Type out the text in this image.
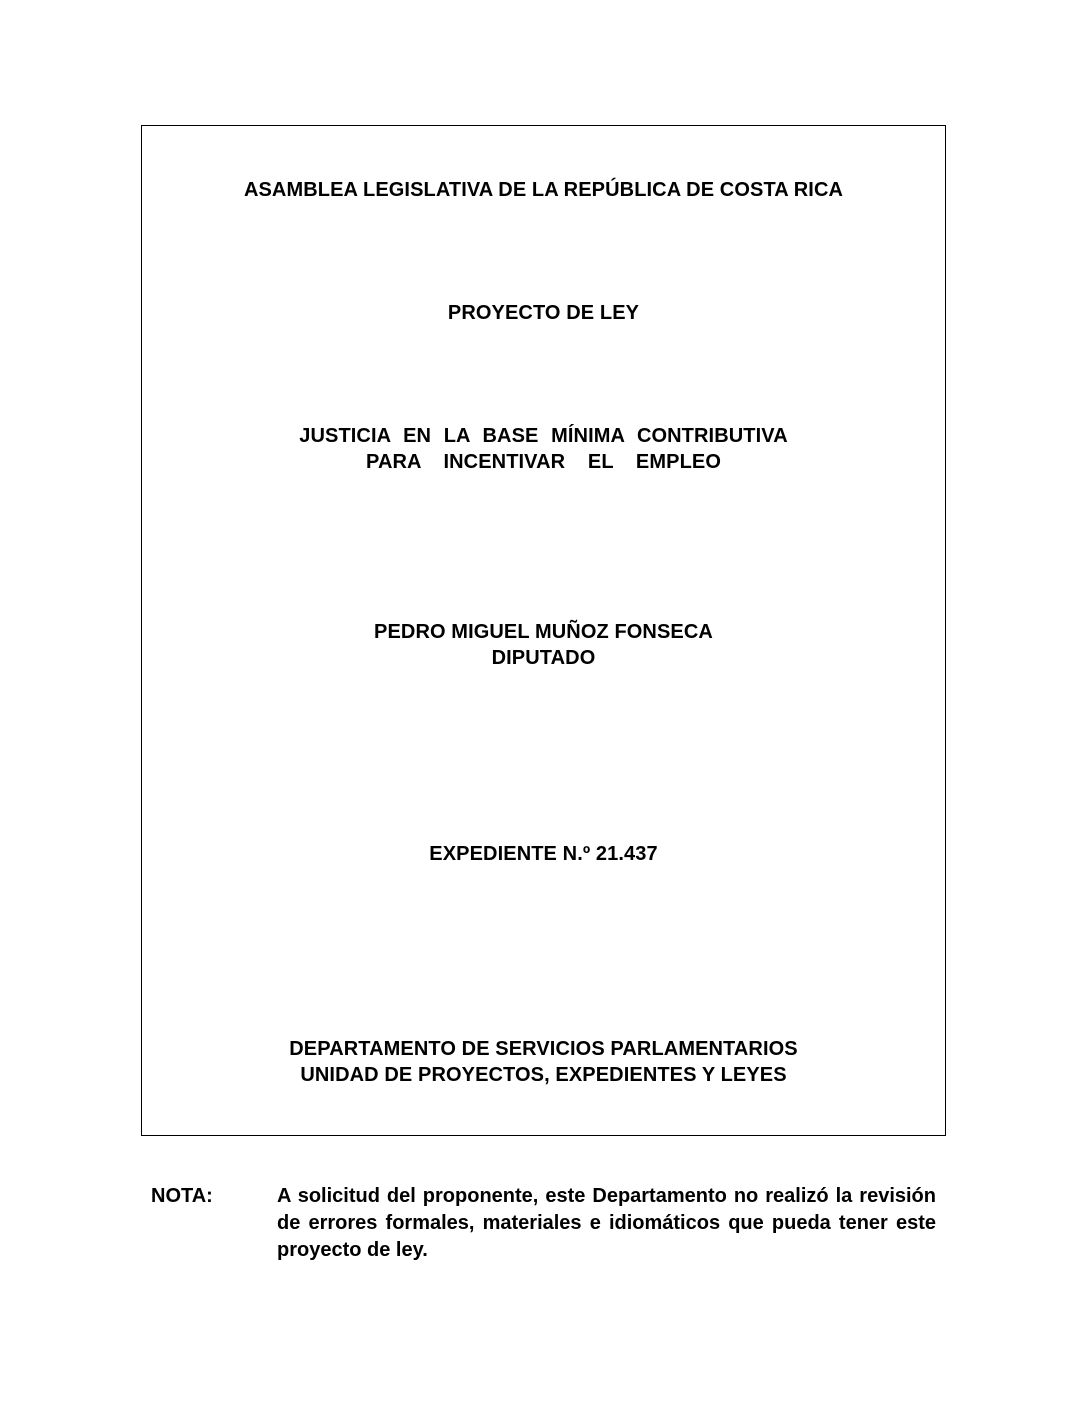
ASAMBLEA LEGISLATIVA DE LA REPÚBLICA DE COSTA RICA
PROYECTO DE LEY
JUSTICIA EN LA BASE MÍNIMA CONTRIBUTIVA
PARA INCENTIVAR EL EMPLEO
PEDRO MIGUEL MUÑOZ FONSECA
DIPUTADO
EXPEDIENTE N.º 21.437
DEPARTAMENTO DE SERVICIOS PARLAMENTARIOS
UNIDAD DE PROYECTOS, EXPEDIENTES Y LEYES
NOTA:	A solicitud del proponente, este Departamento no realizó la revisión de errores formales, materiales e idiomáticos que pueda tener este proyecto de ley.
